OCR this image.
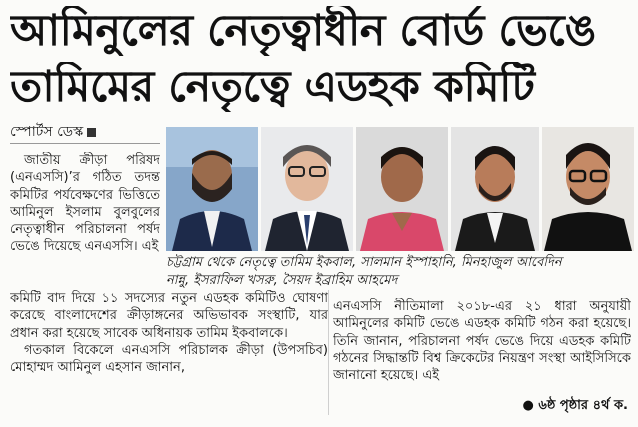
আমিনুলের নেতৃত্বাধীন বোর্ড ভেঙে
তামিমের নেতৃত্বে এডহক কমিটি
স্পোর্টস ডেস্ক

জাতীয় ক্রীড়া পরিষদ (এনএসসি)’র গঠিত তদন্ত কমিটির পর্যবেক্ষণের ভিত্তিতে আমিনুল ইসলাম বুলবুলের নেতৃত্বাধীন পরিচালনা পর্ষদ ভেঙে দিয়েছে এনএসসি। এই

চট্টগ্রাম থেকে নেতৃত্বে তামিম ইকবাল, সালমান ইস্পাহানি, মিনহাজুল আবেদিন
নান্নু, ইসরাফিল খসরু, সৈয়দ ইব্রাহিম আহমেদ

কমিটি বাদ দিয়ে ১১ সদস্যের নতুন এডহক কমিটিও ঘোষণা করেছে বাংলাদেশের ক্রীড়াঙ্গনের অভিভাবক সংস্থাটি, যার প্রধান করা হয়েছে সাবেক অধিনায়ক তামিম ইকবালকে।

গতকাল বিকেলে এনএসসি পরিচালক ক্রীড়া (উপসচিব) মোহাম্মদ আমিনুল এহসান জানান,

এনএসসি নীতিমালা ২০১৮-এর ২১ ধারা অনুযায়ী আমিনুলের কমিটি ভেঙে এডহক কমিটি গঠন করা হয়েছে। তিনি জানান, পরিচালনা পর্ষদ ভেঙে দিয়ে এডহক কমিটি গঠনের সিদ্ধান্তটি বিশ্ব ক্রিকেটের নিয়ন্ত্রণ সংস্থা আইসিসিকে জানানো হয়েছে। এই

● ৬ষ্ঠ পৃষ্ঠার ৪র্থ ক.
